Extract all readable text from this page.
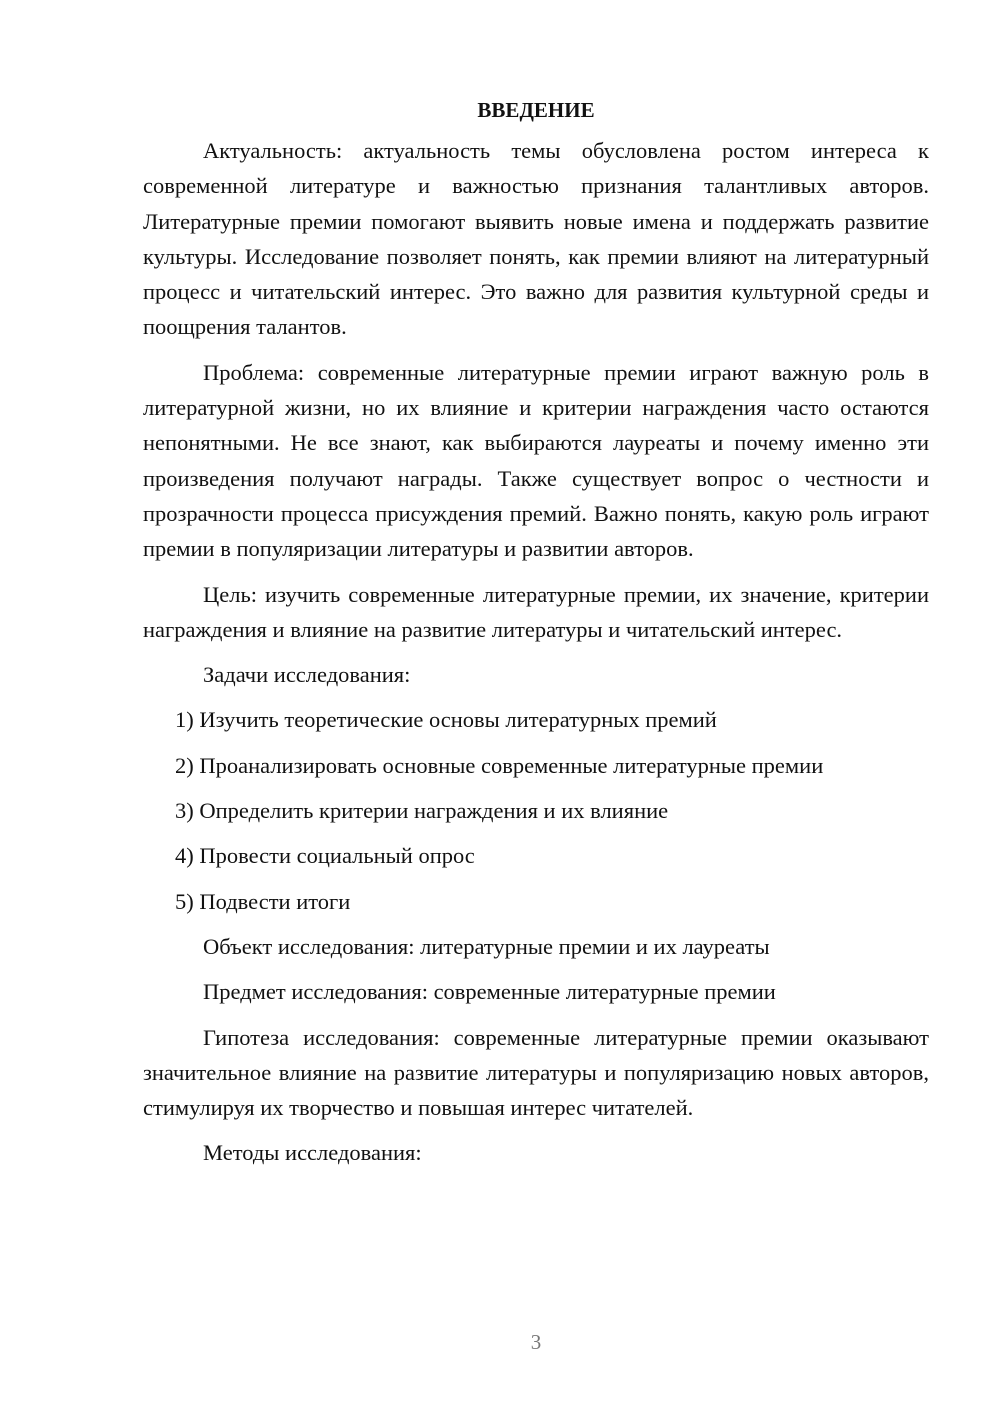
ВВЕДЕНИЕ

Актуальность: актуальность темы обусловлена ростом интереса к современной литературе и важностью признания талантливых авторов. Литературные премии помогают выявить новые имена и поддержать развитие культуры. Исследование позволяет понять, как премии влияют на литературный процесс и читательский интерес. Это важно для развития культурной среды и поощрения талантов.

Проблема: современные литературные премии играют важную роль в литературной жизни, но их влияние и критерии награждения часто остаются непонятными. Не все знают, как выбираются лауреаты и почему именно эти произведения получают награды. Также существует вопрос о честности и прозрачности процесса присуждения премий. Важно понять, какую роль играют премии в популяризации литературы и развитии авторов.

Цель: изучить современные литературные премии, их значение, критерии награждения и влияние на развитие литературы и читательский интерес.

Задачи исследования:

1) Изучить теоретические основы литературных премий
2) Проанализировать основные современные литературные премии
3) Определить критерии награждения и их влияние
4) Провести социальный опрос
5) Подвести итоги

Объект исследования: литературные премии и их лауреаты

Предмет исследования: современные литературные премии

Гипотеза исследования: современные литературные премии оказывают значительное влияние на развитие литературы и популяризацию новых авторов, стимулируя их творчество и повышая интерес читателей.

Методы исследования:

3
